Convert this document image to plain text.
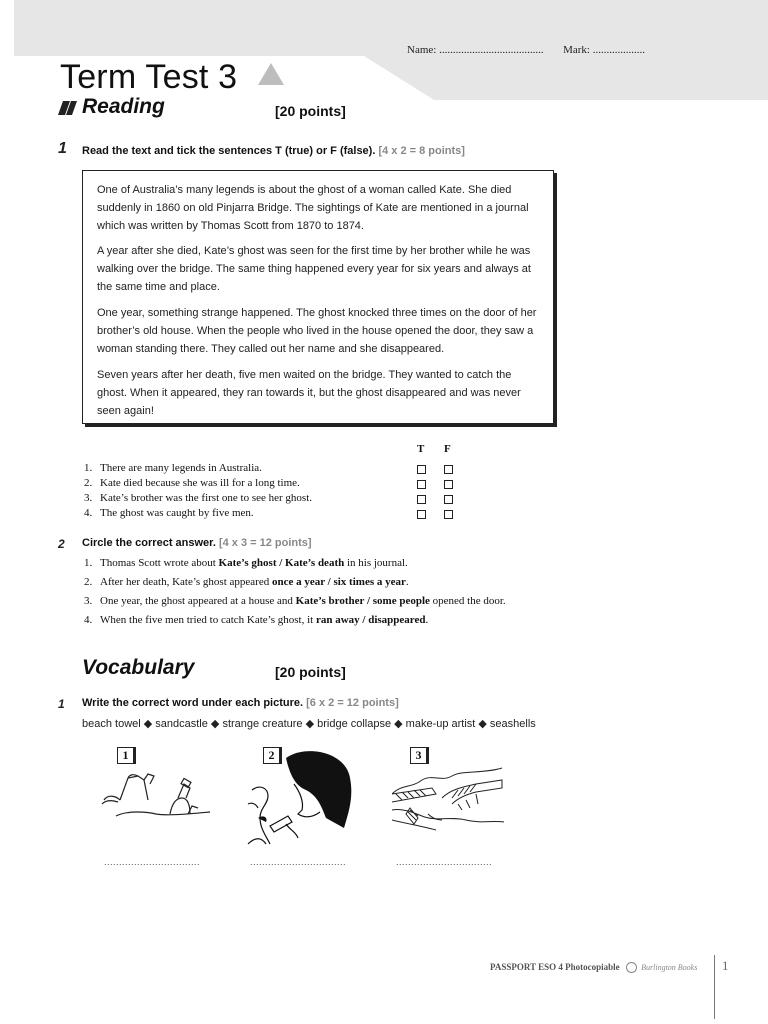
Name: ...................................... Mark: ...................
Term Test 3
Reading	[20 points]
1 Read the text and tick the sentences T (true) or F (false). [4 x 2 = 8 points]

One of Australia’s many legends is about the ghost of a woman called Kate. She died suddenly in 1860 on old Pinjarra Bridge. The sightings of Kate are mentioned in a journal which was written by Thomas Scott from 1870 to 1874.

A year after she died, Kate’s ghost was seen for the first time by her brother while he was walking over the bridge. The same thing happened every year for six years and always at the same time and place.

One year, something strange happened. The ghost knocked three times on the door of her brother’s old house. When the people who lived in the house opened the door, they saw a woman standing there. They called out her name and she disappeared.

Seven years after her death, five men waited on the bridge. They wanted to catch the ghost. When it appeared, they ran towards it, but the ghost disappeared and was never seen again!

T F
1. There are many legends in Australia.
2. Kate died because she was ill for a long time.
3. Kate’s brother was the first one to see her ghost.
4. The ghost was caught by five men.
2 Circle the correct answer. [4 x 3 = 12 points]
1. Thomas Scott wrote about Kate’s ghost / Kate’s death in his journal.
2. After her death, Kate’s ghost appeared once a year / six times a year.
3. One year, the ghost appeared at a house and Kate’s brother / some people opened the door.
4. When the five men tried to catch Kate’s ghost, it ran away / disappeared.
Vocabulary	[20 points]
1 Write the correct word under each picture. [6 x 2 = 12 points]
beach towel ◆ sandcastle ◆ strange creature ◆ bridge collapse ◆ make-up artist ◆ seashells
1	2	3
................................	................................	................................
PASSPORT ESO 4 Photocopiable	Burlington Books 1
